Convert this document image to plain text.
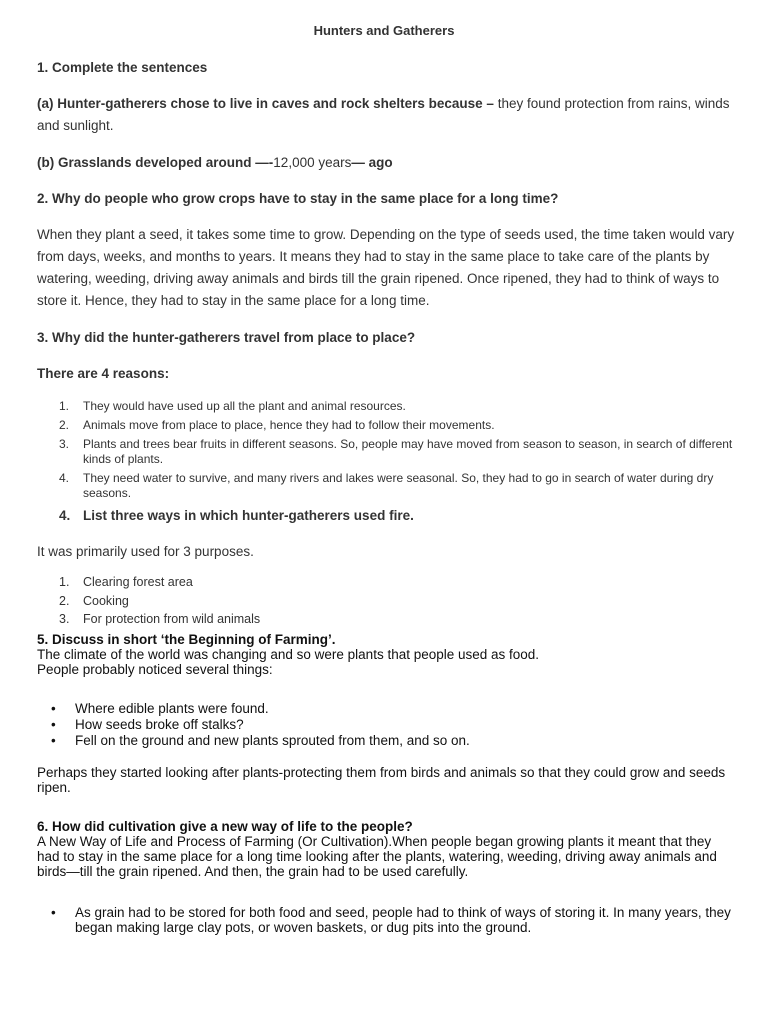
Hunters and Gatherers
1. Complete the sentences
(a) Hunter-gatherers chose to live in caves and rock shelters because – they found protection from rains, winds and sunlight.
(b) Grasslands developed around —-12,000 years— ago
2. Why do people who grow crops have to stay in the same place for a long time?
When they plant a seed, it takes some time to grow. Depending on the type of seeds used, the time taken would vary from days, weeks, and months to years. It means they had to stay in the same place to take care of the plants by watering, weeding, driving away animals and birds till the grain ripened. Once ripened, they had to think of ways to store it. Hence, they had to stay in the same place for a long time.
3. Why did the hunter-gatherers travel from place to place?
There are 4 reasons:
1.	They would have used up all the plant and animal resources.
2.	Animals move from place to place, hence they had to follow their movements.
3.	Plants and trees bear fruits in different seasons. So, people may have moved from season to season, in search of different kinds of plants.
4.	They need water to survive, and many rivers and lakes were seasonal. So, they had to go in search of water during dry seasons.
4. List three ways in which hunter-gatherers used fire.
It was primarily used for 3 purposes.
1.	Clearing forest area
2.	Cooking
3.	For protection from wild animals
5. Discuss in short ‘the Beginning of Farming’.
The climate of the world was changing and so were plants that people used as food.
People probably noticed several things:
• Where edible plants were found.
• How seeds broke off stalks?
• Fell on the ground and new plants sprouted from them, and so on.
Perhaps they started looking after plants-protecting them from birds and animals so that they could grow and seeds ripen.
6. How did cultivation give a new way of life to the people?
A New Way of Life and Process of Farming (Or Cultivation).When people began growing plants it meant that they had to stay in the same place for a long time looking after the plants, watering, weeding, driving away animals and birds—till the grain ripened. And then, the grain had to be used carefully.
• As grain had to be stored for both food and seed, people had to think of ways of storing it. In many years, they began making large clay pots, or woven baskets, or dug pits into the ground.
